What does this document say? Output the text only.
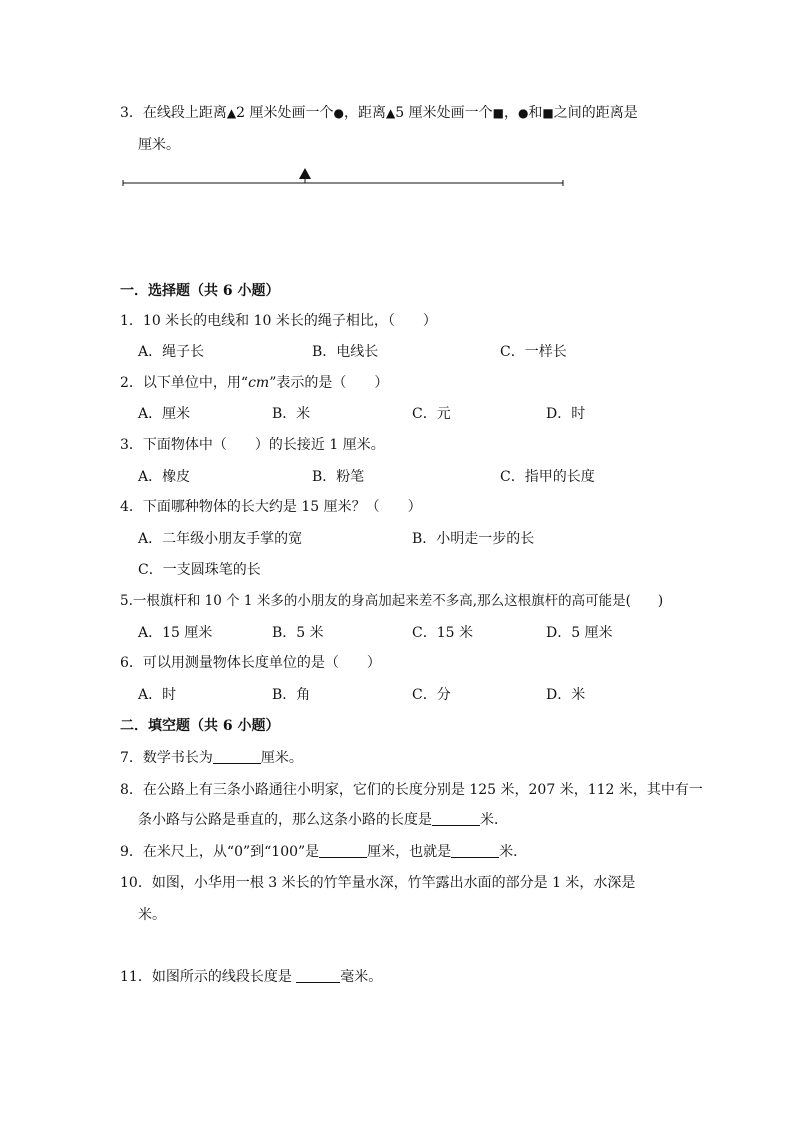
3．在线段上距离▲2 厘米处画一个●，距离▲5 厘米处画一个■，●和■之间的距离是
厘米。
一．选择题（共 6 小题）
1．10 米长的电线和 10 米长的绳子相比，（　　）
A．绳子长	B．电线长	C．一样长
2．以下单位中，用“cm”表示的是（　　）
A．厘米	B．米	C．元	D．时
3．下面物体中（　　）的长接近 1 厘米。
A．橡皮	B．粉笔	C．指甲的长度
4．下面哪种物体的长大约是 15 厘米？（　　）
A．二年级小朋友手掌的宽	B．小明走一步的长
C．一支圆珠笔的长
5.一根旗杆和 10 个 1 米多的小朋友的身高加起来差不多高,那么这根旗杆的高可能是(　　)
A．15 厘米	B．5 米	C．15 米	D．5 厘米
6．可以用测量物体长度单位的是（　　）
A．时	B．角	C．分	D．米
二．填空题（共 6 小题）
7．数学书长为	厘米。
8．在公路上有三条小路通往小明家，它们的长度分别是 125 米，207 米，112 米，其中有一
条小路与公路是垂直的，那么这条小路的长度是	米．
9．在米尺上，从“0”到“100”是	厘米，也就是	米．
10．如图，小华用一根 3 米长的竹竿量水深，竹竿露出水面的部分是 1 米，水深是
米。
11．如图所示的线段长度是	毫米。
